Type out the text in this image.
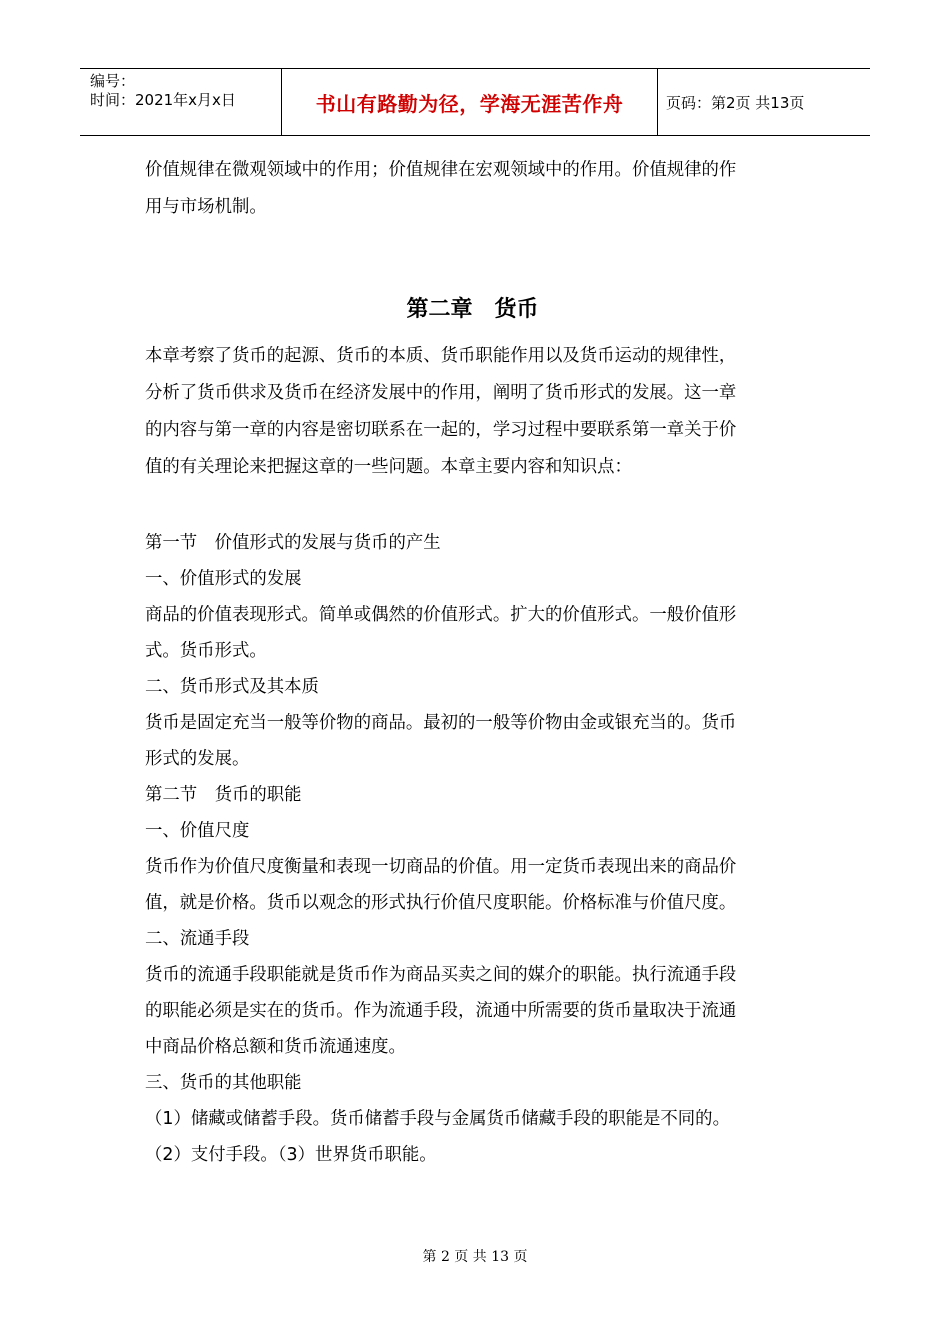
编号：
时间：2021年x月x日	书山有路勤为径，学海无涯苦作舟	页码：第2页 共13页

价值规律在微观领域中的作用；价值规律在宏观领域中的作用。价值规律的作

用与市场机制。

第二章　货币

本章考察了货币的起源、货币的本质、货币职能作用以及货币运动的规律性，

分析了货币供求及货币在经济发展中的作用，阐明了货币形式的发展。这一章

的内容与第一章的内容是密切联系在一起的，学习过程中要联系第一章关于价

值的有关理论来把握这章的一些问题。本章主要内容和知识点：

第一节　价值形式的发展与货币的产生

一、价值形式的发展

商品的价值表现形式。简单或偶然的价值形式。扩大的价值形式。一般价值形

式。货币形式。

二、货币形式及其本质

货币是固定充当一般等价物的商品。最初的一般等价物由金或银充当的。货币

形式的发展。

第二节　货币的职能

一、价值尺度

货币作为价值尺度衡量和表现一切商品的价值。用一定货币表现出来的商品价

值，就是价格。货币以观念的形式执行价值尺度职能。价格标准与价值尺度。

二、流通手段

货币的流通手段职能就是货币作为商品买卖之间的媒介的职能。执行流通手段

的职能必须是实在的货币。作为流通手段，流通中所需要的货币量取决于流通

中商品价格总额和货币流通速度。

三、货币的其他职能

（1）储藏或储蓄手段。货币储蓄手段与金属货币储藏手段的职能是不同的。

（2）支付手段。（3）世界货币职能。

第 2 页 共 13 页
